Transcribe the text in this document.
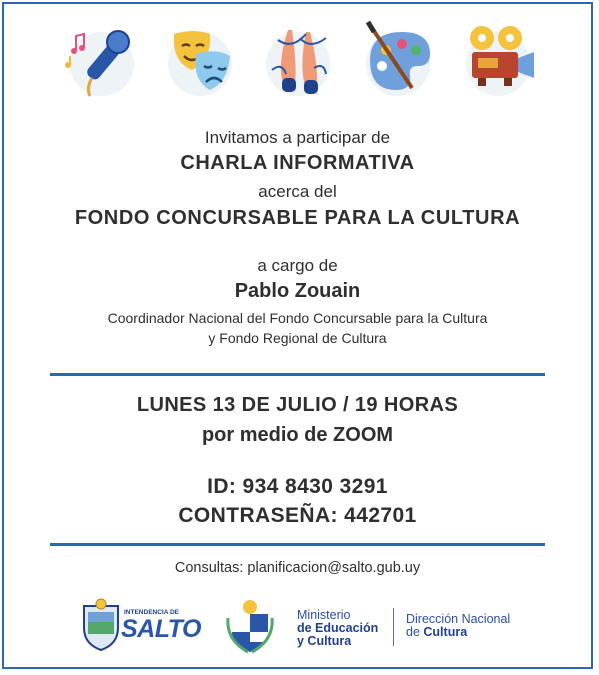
Invitamos a participar de
CHARLA INFORMATIVA
acerca del
FONDO CONCURSABLE PARA LA CULTURA
a cargo de
Pablo Zouain
Coordinador Nacional del Fondo Concursable para la Cultura
y Fondo Regional de Cultura
LUNES 13 DE JULIO / 19 HORAS
por medio de ZOOM
ID: 934 8430 3291
CONTRASEÑA: 442701
Consultas: planificacion@salto.gub.uy
INTENDENCIA DE
SALTO	Ministerio
de Educación
y Cultura
Dirección Nacional
de Cultura
